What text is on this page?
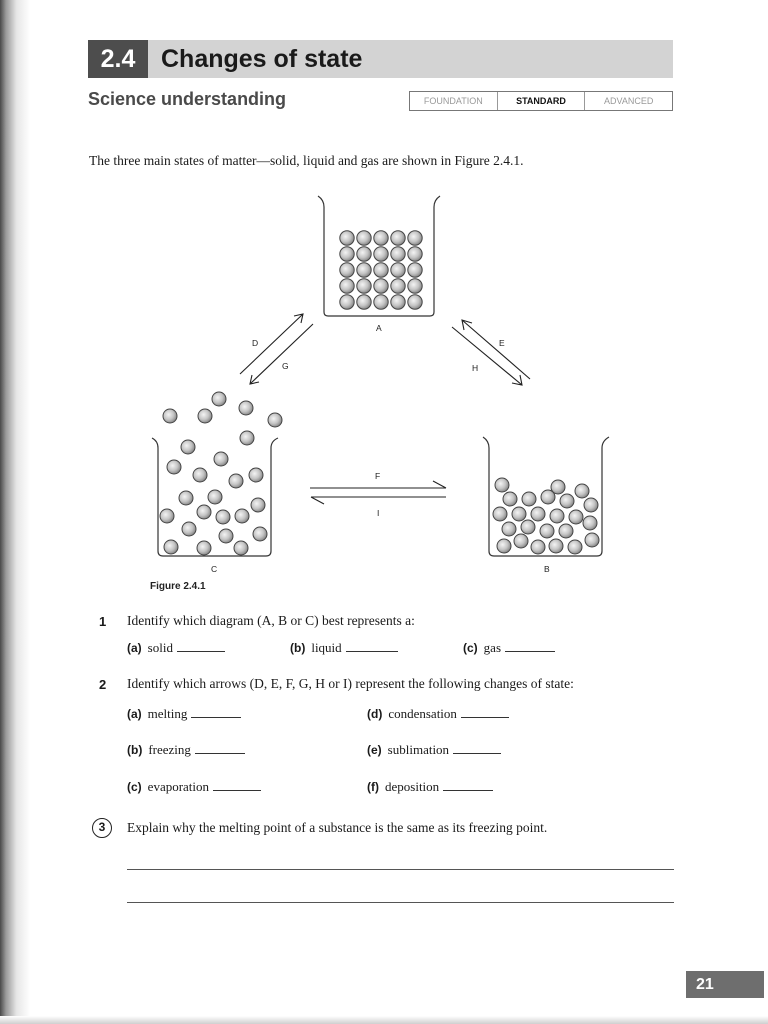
2.4	Changes of state
Science understanding	FOUNDATION	STANDARD	ADVANCED
The three main states of matter—solid, liquid and gas are shown in Figure 2.4.1.
A
D
G
E
H
F
I
C	B
Figure 2.4.1
1 Identify which diagram (A, B or C) best represents a:
(a) solid	(b) liquid	(c) gas
2 Identify which arrows (D, E, F, G, H or I) represent the following changes of state:
(a) melting	(d) condensation
(b) freezing	(e) sublimation
(c) evaporation	(f) deposition
3	Explain why the melting point of a substance is the same as its freezing point.
21
